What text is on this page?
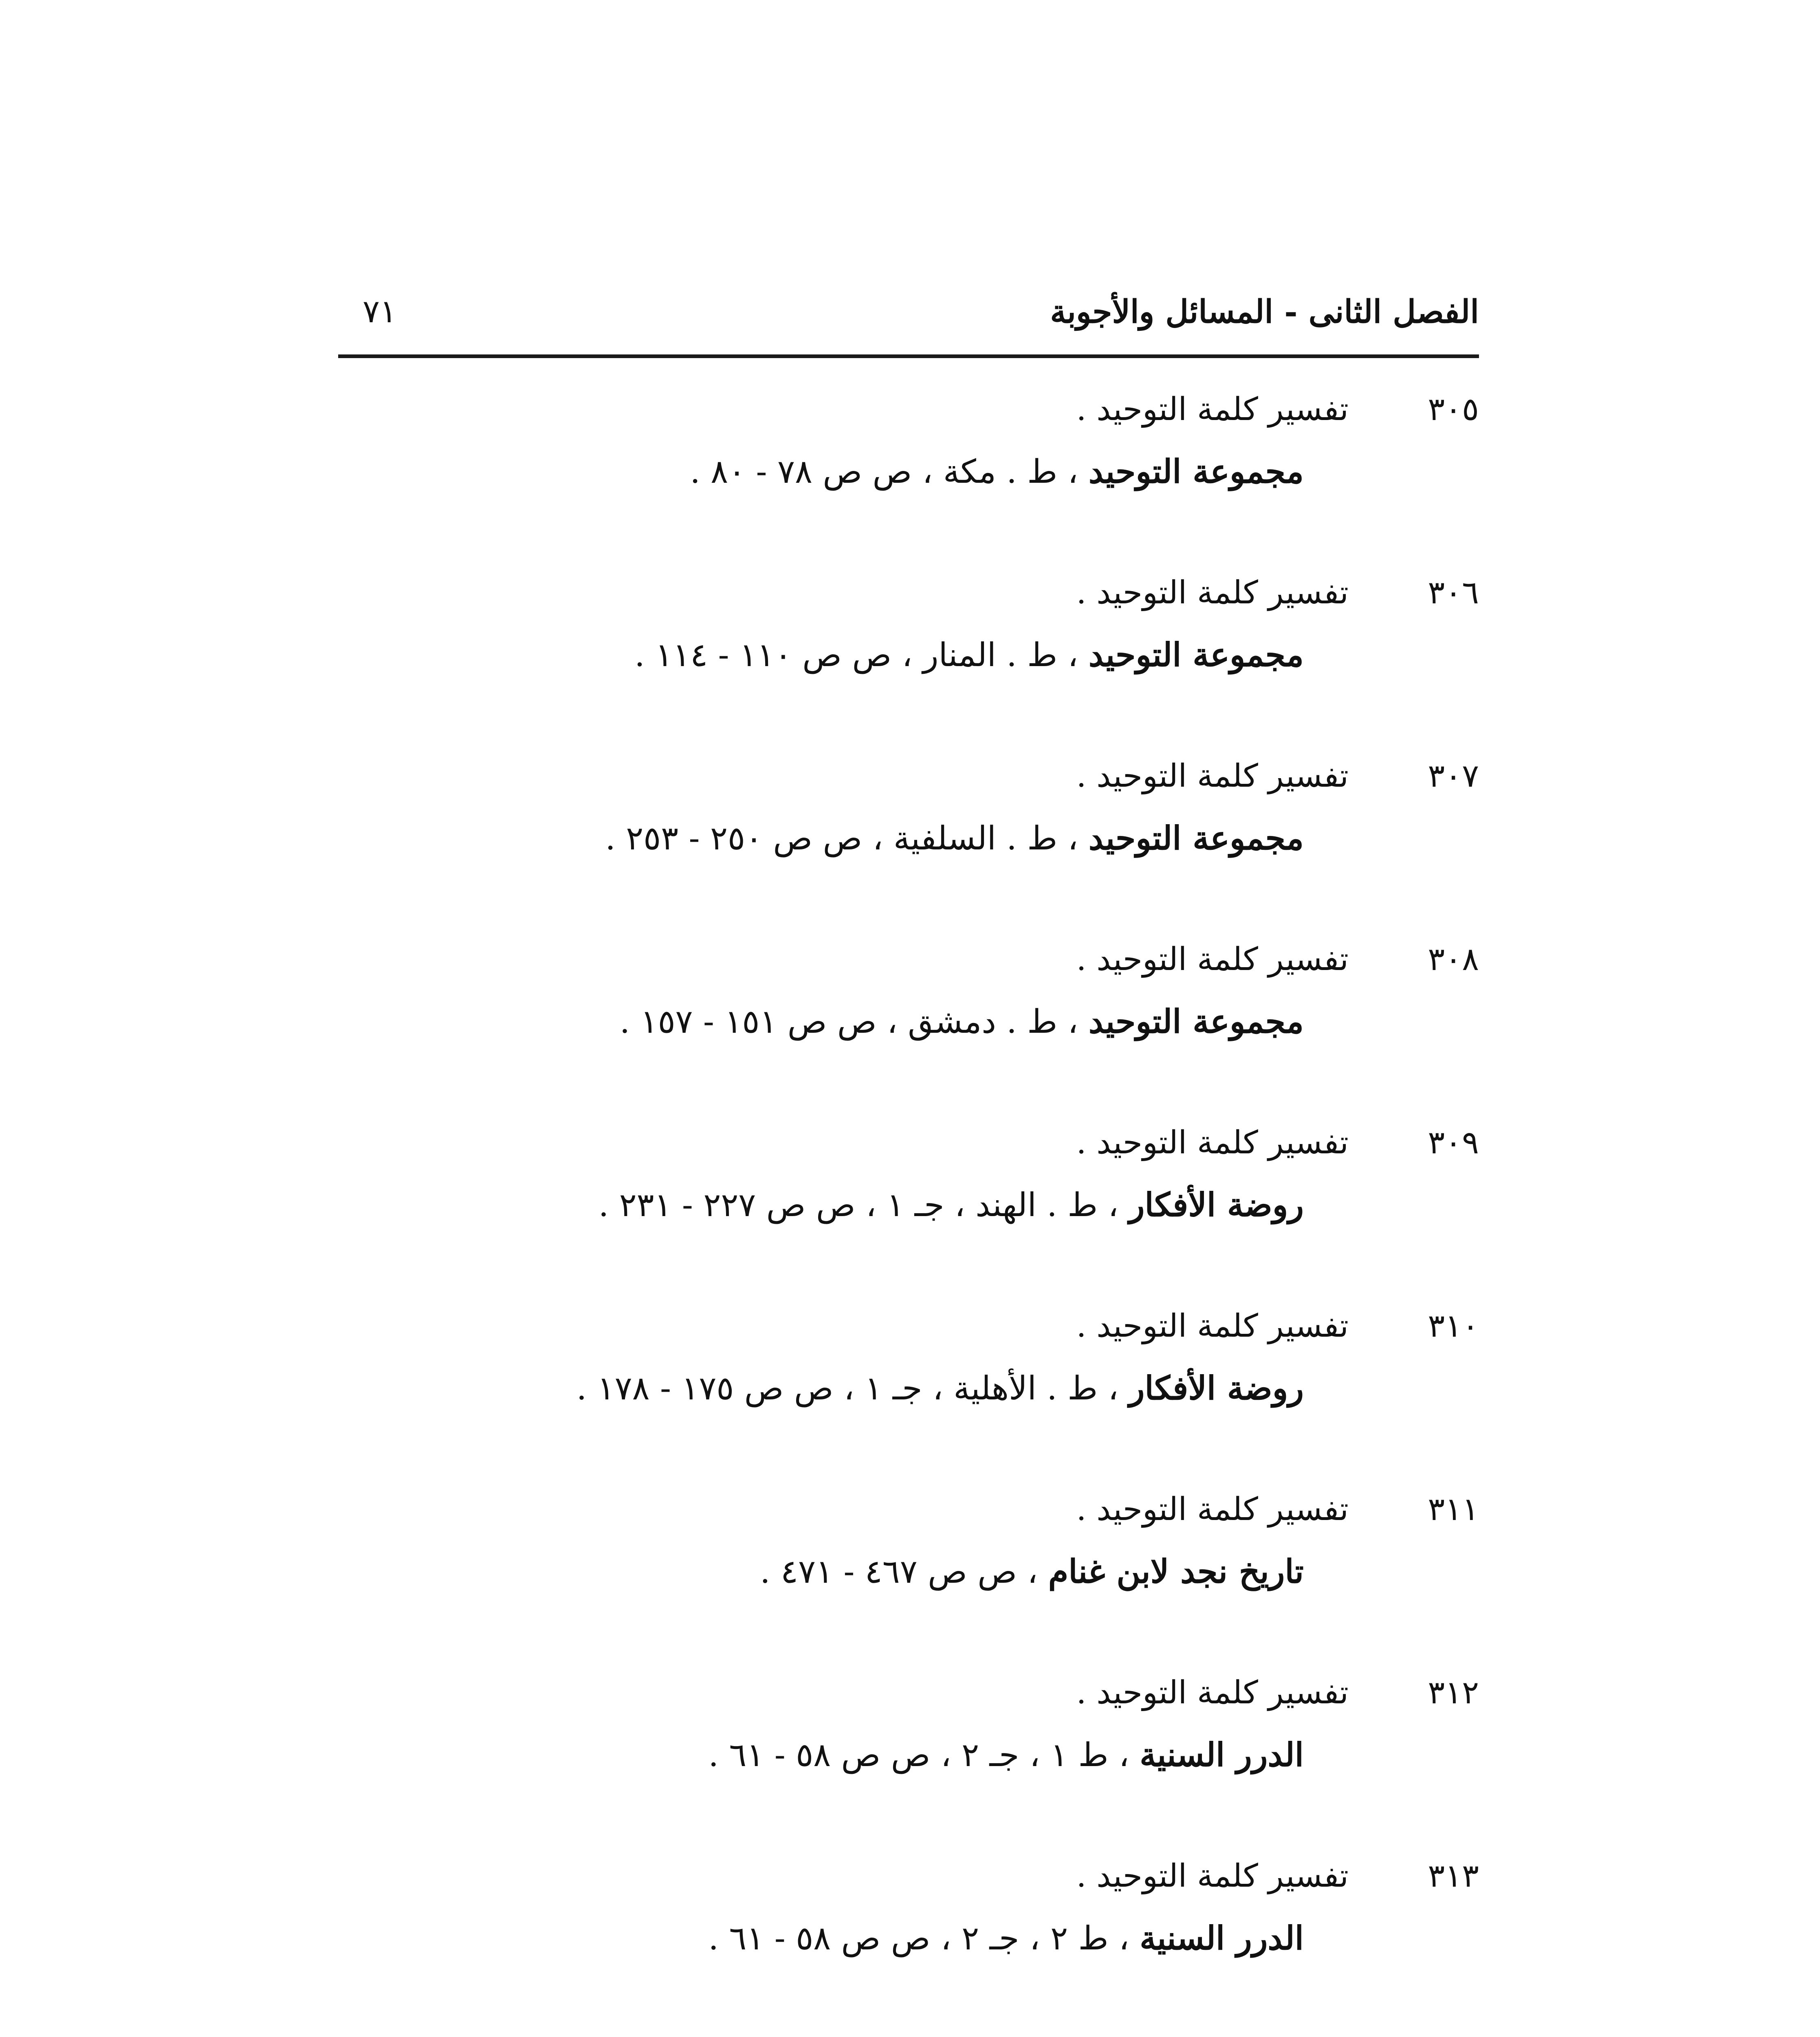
الفصل الثانى - المسائل والأجوبة
٧١
٣٠٥
تفسير كلمة التوحيد .
مجموعة التوحيد ، ط . مكة ، ص ص ٧٨ - ٨٠ .
٣٠٦
تفسير كلمة التوحيد .
مجموعة التوحيد ، ط . المنار ، ص ص ١١٠ - ١١٤ .
٣٠٧
تفسير كلمة التوحيد .
مجموعة التوحيد ، ط . السلفية ، ص ص ٢٥٠ - ٢٥٣ .
٣٠٨
تفسير كلمة التوحيد .
مجموعة التوحيد ، ط . دمشق ، ص ص ١٥١ - ١٥٧ .
٣٠٩
تفسير كلمة التوحيد .
روضة الأفكار ، ط . الهند ، جـ ١ ، ص ص ٢٢٧ - ٢٣١ .
٣١٠
تفسير كلمة التوحيد .
روضة الأفكار ، ط . الأهلية ، جـ ١ ، ص ص ١٧٥ - ١٧٨ .
٣١١
تفسير كلمة التوحيد .
تاريخ نجد لابن غنام ، ص ص ٤٦٧ - ٤٧١ .
٣١٢
تفسير كلمة التوحيد .
الدرر السنية ، ط ١ ، جـ ٢ ، ص ص ٥٨ - ٦١ .
٣١٣
تفسير كلمة التوحيد .
الدرر السنية ، ط ٢ ، جـ ٢ ، ص ص ٥٨ - ٦١ .
